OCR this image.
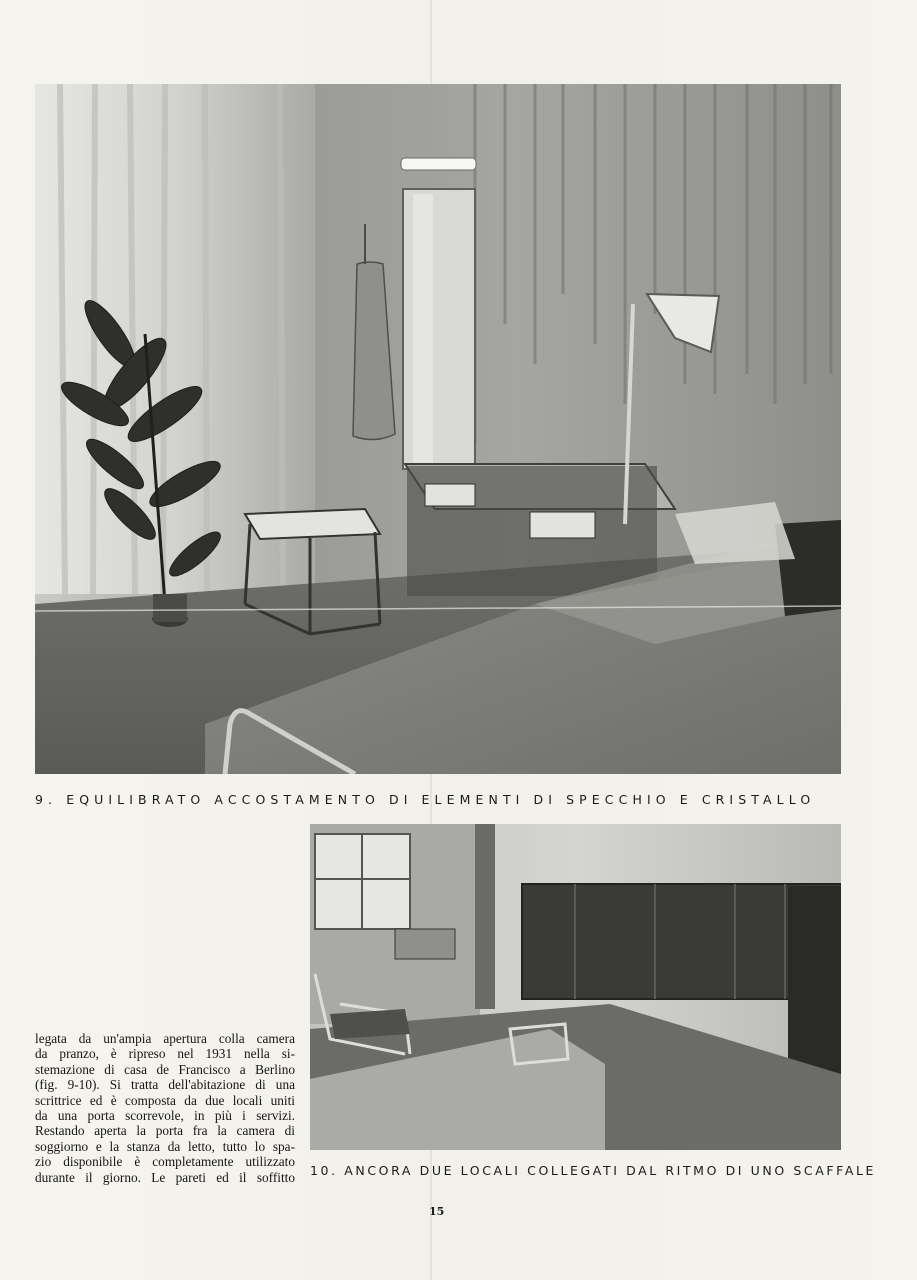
9. EQUILIBRATO ACCOSTAMENTO DI ELEMENTI DI SPECCHIO E CRISTALLO
10. ANCORA DUE LOCALI COLLEGATI DAL RITMO DI UNO SCAFFALE
legata da un'ampia apertura colla camera
da pranzo, è ripreso nel 1931 nella si-
stemazione di casa de Francisco a Berlino
(fig. 9-10). Si tratta dell'abitazione di una
scrittrice ed è composta da due locali uniti
da una porta scorrevole, in più i servizi.
Restando aperta la porta fra la camera di
soggiorno e la stanza da letto, tutto lo spa-
zio disponibile è completamente utilizzato
durante il giorno. Le pareti ed il soffitto
15
